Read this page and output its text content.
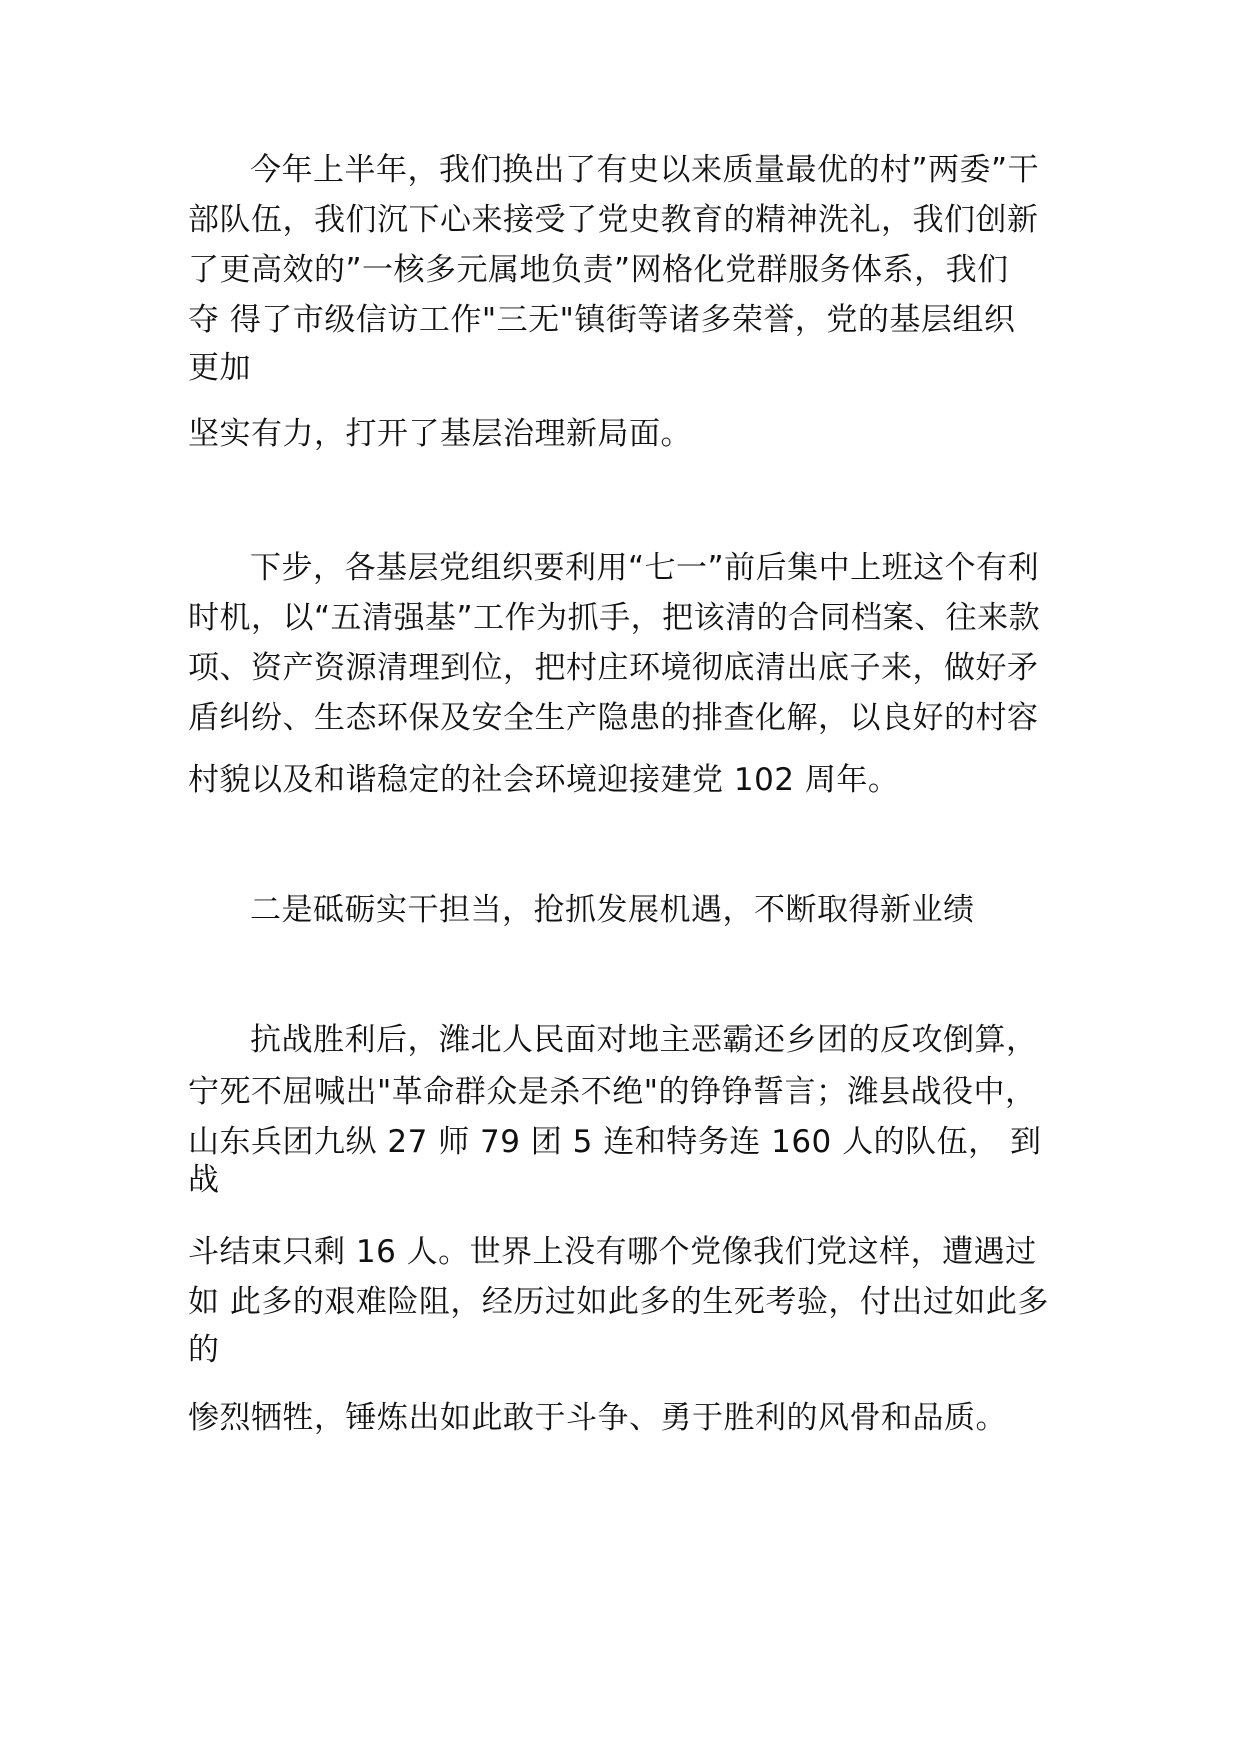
今年上半年，我们换出了有史以来质量最优的村”两委”干
部队伍，我们沉下心来接受了党史教育的精神洗礼，我们创新
了更高效的”一核多元属地负责”网格化党群服务体系，我们
夺 得了市级信访工作"三无"镇街等诸多荣誉，党的基层组织
更加
坚实有力，打开了基层治理新局面。
下步，各基层党组织要利用“七一”前后集中上班这个有利
时机，以“五清强基”工作为抓手，把该清的合同档案、往来款
项、资产资源清理到位，把村庄环境彻底清出底子来，做好矛
盾纠纷、生态环保及安全生产隐患的排查化解，以良好的村容
村貌以及和谐稳定的社会环境迎接建党 102 周年。
二是砥砺实干担当，抢抓发展机遇，不断取得新业绩
抗战胜利后，潍北人民面对地主恶霸还乡团的反攻倒算，
宁死不屈喊出"革命群众是杀不绝"的铮铮誓言；潍县战役中，
山东兵团九纵 27 师 79 团 5 连和特务连 160 人的队伍， 到
战
斗结束只剩 16 人。世界上没有哪个党像我们党这样，遭遇过
如 此多的艰难险阻，经历过如此多的生死考验，付出过如此多
的
惨烈牺牲，锤炼出如此敢于斗争、勇于胜利的风骨和品质。
